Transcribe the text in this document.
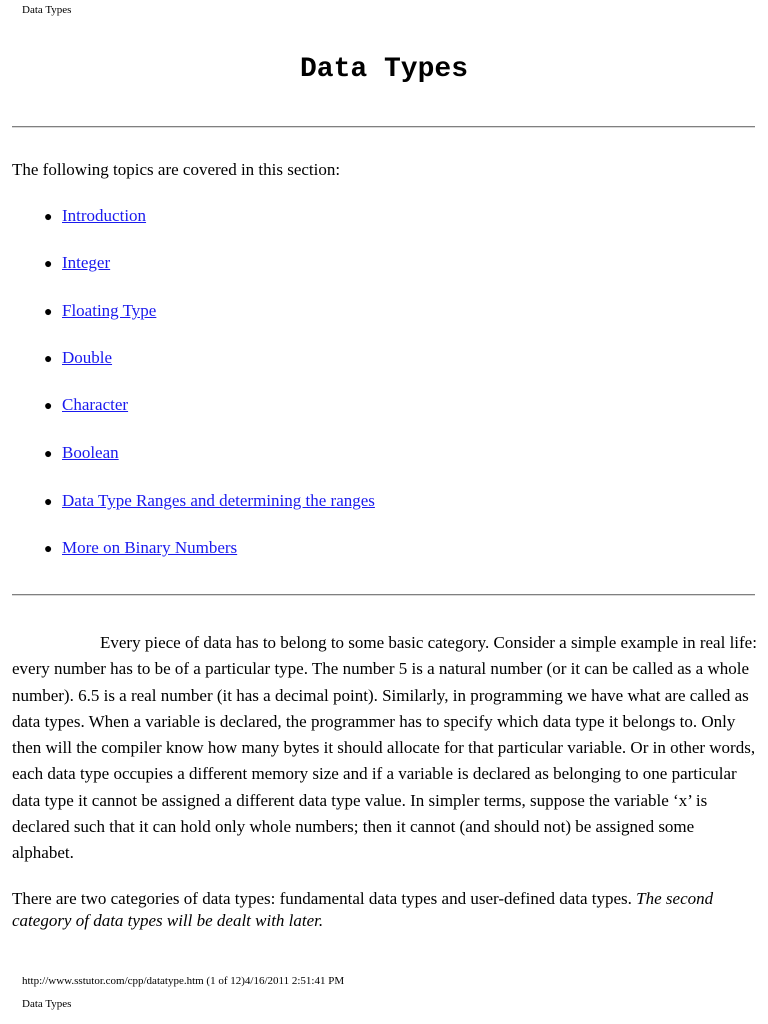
Data Types
Data Types
The following topics are covered in this section:
● Introduction
● Integer
● Floating Type
● Double
● Character
● Boolean
● Data Type Ranges and determining the ranges
● More on Binary Numbers

Every piece of data has to belong to some basic category. Consider a simple example in real life: every number has to be of a particular type. The number 5 is a natural number (or it can be called as a whole number). 6.5 is a real number (it has a decimal point). Similarly, in programming we have what are called as data types. When a variable is declared, the programmer has to specify which data type it belongs to. Only then will the compiler know how many bytes it should allocate for that particular variable. Or in other words, each data type occupies a different memory size and if a variable is declared as belonging to one particular data type it cannot be assigned a different data type value. In simpler terms, suppose the variable ‘x’ is declared such that it can hold only whole numbers; then it cannot (and should not) be assigned some alphabet.

There are two categories of data types: fundamental data types and user-defined data types. The second category of data types will be dealt with later.

http://www.sstutor.com/cpp/datatype.htm (1 of 12)4/16/2011 2:51:41 PM
Data Types
